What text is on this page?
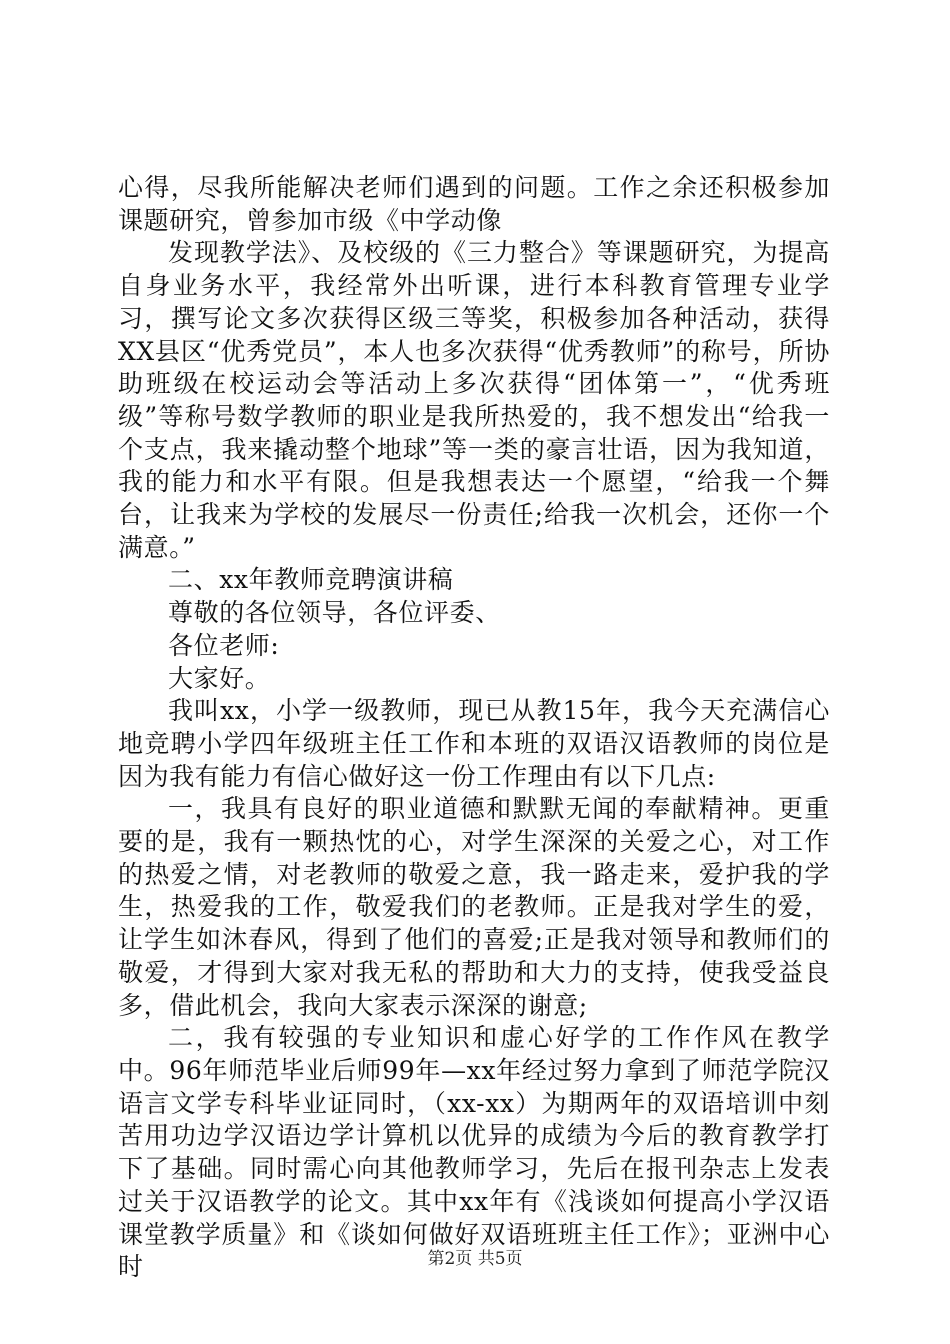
心得，尽我所能解决老师们遇到的问题。工作之余还积极参加课题研究，曾参加市级《中学动像

发现教学法》、及校级的《三力整合》等课题研究，为提高自身业务水平，我经常外出听课，进行本科教育管理专业学习，撰写论文多次获得区级三等奖，积极参加各种活动，获得XX县区“优秀党员”，本人也多次获得“优秀教师”的称号，所协助班级在校运动会等活动上多次获得“团体第一”，“优秀班级”等称号数学教师的职业是我所热爱的，我不想发出“给我一个支点，我来撬动整个地球”等一类的豪言壮语，因为我知道，我的能力和水平有限。但是我想表达一个愿望，“给我一个舞台，让我来为学校的发展尽一份责任;给我一次机会，还你一个满意。”

二、xx年教师竞聘演讲稿

尊敬的各位领导，各位评委、

各位老师:

大家好。

我叫xx，小学一级教师，现已从教15年，我今天充满信心地竞聘小学四年级班主任工作和本班的双语汉语教师的岗位是因为我有能力有信心做好这一份工作理由有以下几点:

一，我具有良好的职业道德和默默无闻的奉献精神。更重要的是，我有一颗热忱的心，对学生深深的关爱之心，对工作的热爱之情，对老教师的敬爱之意，我一路走来，爱护我的学生，热爱我的工作，敬爱我们的老教师。正是我对学生的爱，让学生如沐春风，得到了他们的喜爱;正是我对领导和教师们的敬爱，才得到大家对我无私的帮助和大力的支持，使我受益良多，借此机会，我向大家表示深深的谢意;

二，我有较强的专业知识和虚心好学的工作作风在教学中。96年师范毕业后师99年—xx年经过努力拿到了师范学院汉语言文学专科毕业证同时，（xx-xx）为期两年的双语培训中刻苦用功边学汉语边学计算机以优异的成绩为今后的教育教学打下了基础。同时需心向其他教师学习，先后在报刊杂志上发表过关于汉语教学的论文。其中xx年有《浅谈如何提高小学汉语课堂教学质量》和《谈如何做好双语班班主任工作》；亚洲中心时	第2页 共5页
